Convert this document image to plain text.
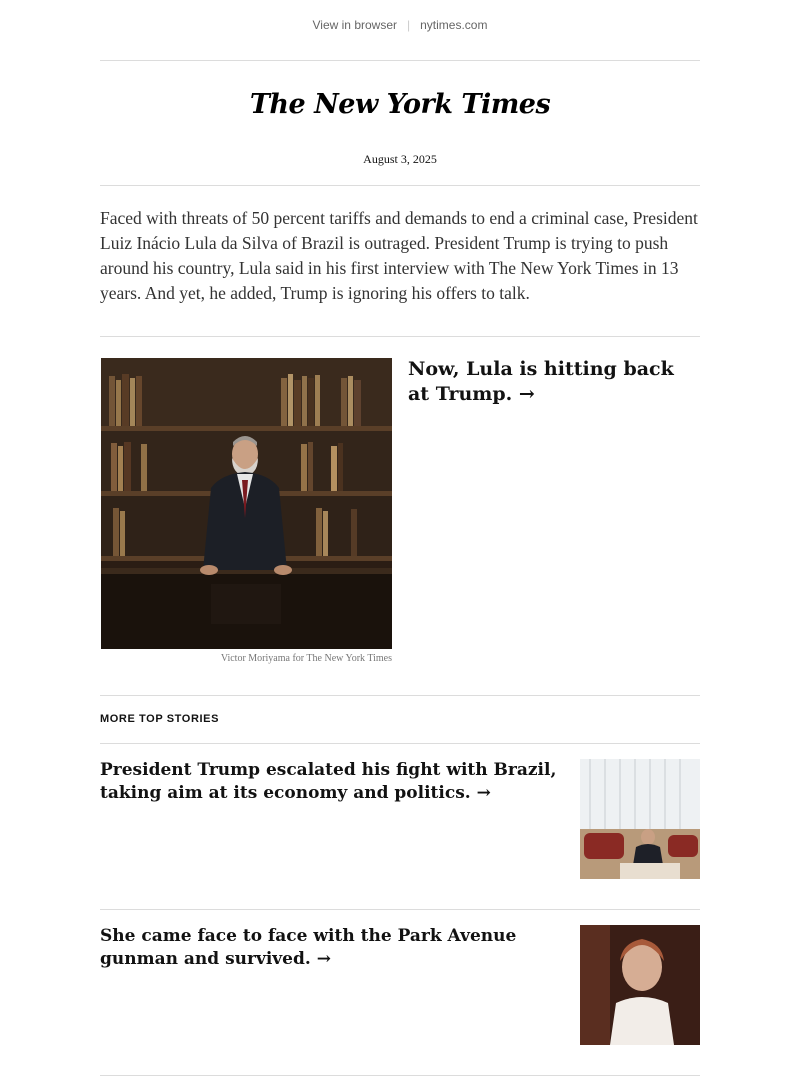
View in browser | nytimes.com
The New York Times
August 3, 2025
Faced with threats of 50 percent tariffs and demands to end a criminal case, President Luiz Inácio Lula da Silva of Brazil is outraged. President Trump is trying to push around his country, Lula said in his first interview with The New York Times in 13 years. And yet, he added, Trump is ignoring his offers to talk.
Victor Moriyama for The New York Times
Now, Lula is hitting back at Trump. →
MORE TOP STORIES
President Trump escalated his fight with Brazil, taking aim at its economy and politics. →
She came face to face with the Park Avenue gunman and survived. →
